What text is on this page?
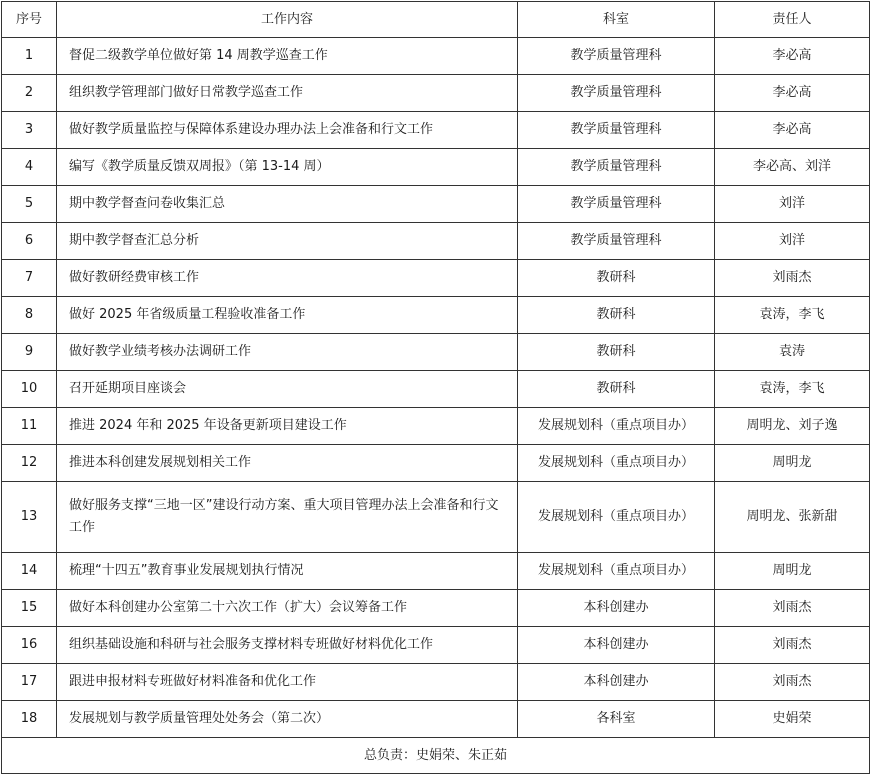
序号	工作内容	科室	责任人
1	督促二级教学单位做好第 14 周教学巡查工作	教学质量管理科	李必高
2	组织教学管理部门做好日常教学巡查工作	教学质量管理科	李必高
3	做好教学质量监控与保障体系建设办理办法上会准备和行文工作	教学质量管理科	李必高
4	编写《教学质量反馈双周报》（第 13-14 周）	教学质量管理科	李必高、刘洋
5	期中教学督查问卷收集汇总	教学质量管理科	刘洋
6	期中教学督查汇总分析	教学质量管理科	刘洋
7	做好教研经费审核工作	教研科	刘雨杰
8	做好 2025 年省级质量工程验收准备工作	教研科	袁涛，李飞
9	做好教学业绩考核办法调研工作	教研科	袁涛
10	召开延期项目座谈会	教研科	袁涛，李飞
11	推进 2024 年和 2025 年设备更新项目建设工作	发展规划科（重点项目办）	周明龙、刘子逸
12	推进本科创建发展规划相关工作	发展规划科（重点项目办）	周明龙
13	做好服务支撑“三地一区”建设行动方案、重大项目管理办法上会准备和行文工作	发展规划科（重点项目办）	周明龙、张新甜
14	梳理“十四五”教育事业发展规划执行情况	发展规划科（重点项目办）	周明龙
15	做好本科创建办公室第二十六次工作（扩大）会议筹备工作	本科创建办	刘雨杰
16	组织基础设施和科研与社会服务支撑材料专班做好材料优化工作	本科创建办	刘雨杰
17	跟进申报材料专班做好材料准备和优化工作	本科创建办	刘雨杰
18	发展规划与教学质量管理处处务会（第二次）	各科室	史娟荣
总负责：史娟荣、朱正茹			
